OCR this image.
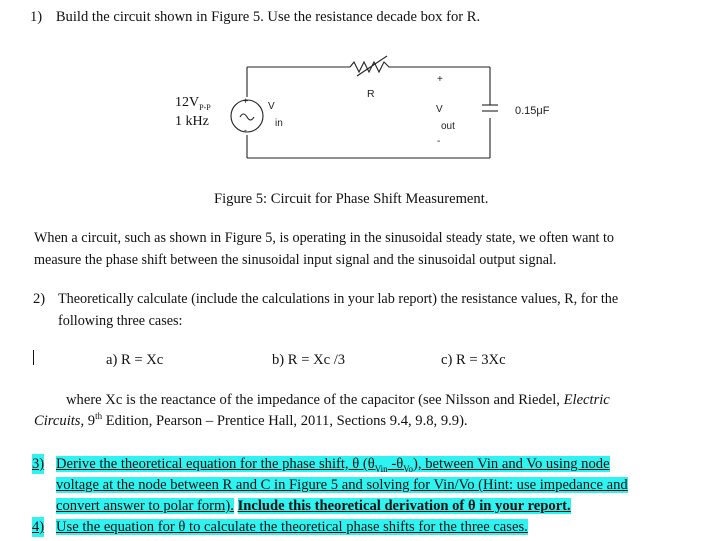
1) Build the circuit shown in Figure 5. Use the resistance decade box for R.
+
-
$12V_{P-P}$
1 kHz
V
in
R
+
V
out
-
0.15μF
Figure 5: Circuit for Phase Shift Measurement.
When a circuit, such as shown in Figure 5, is operating in the sinusoidal steady state, we often want to
measure the phase shift between the sinusoidal input signal and the sinusoidal output signal.
2) Theoretically calculate (include the calculations in your lab report) the resistance values, R, for the
following three cases:
a) R = Xc	b) R = Xc /3	c) R = 3Xc
where Xc is the reactance of the impedance of the capacitor (see Nilsson and Riedel, Electric
Circuits, 9th Edition, Pearson – Prentice Hall, 2011, Sections 9.4, 9.8, 9.9).
3) Derive the theoretical equation for the phase shift, θ ($\theta_{Vin}$ $-\theta_{Vo}$), between Vin and Vo using node
voltage at the node between R and C in Figure 5 and solving for Vin/Vo (Hint: use impedance and
convert answer to polar form). Include this theoretical derivation of θ in your report.
4) Use the equation for θ to calculate the theoretical phase shifts for the three cases.
